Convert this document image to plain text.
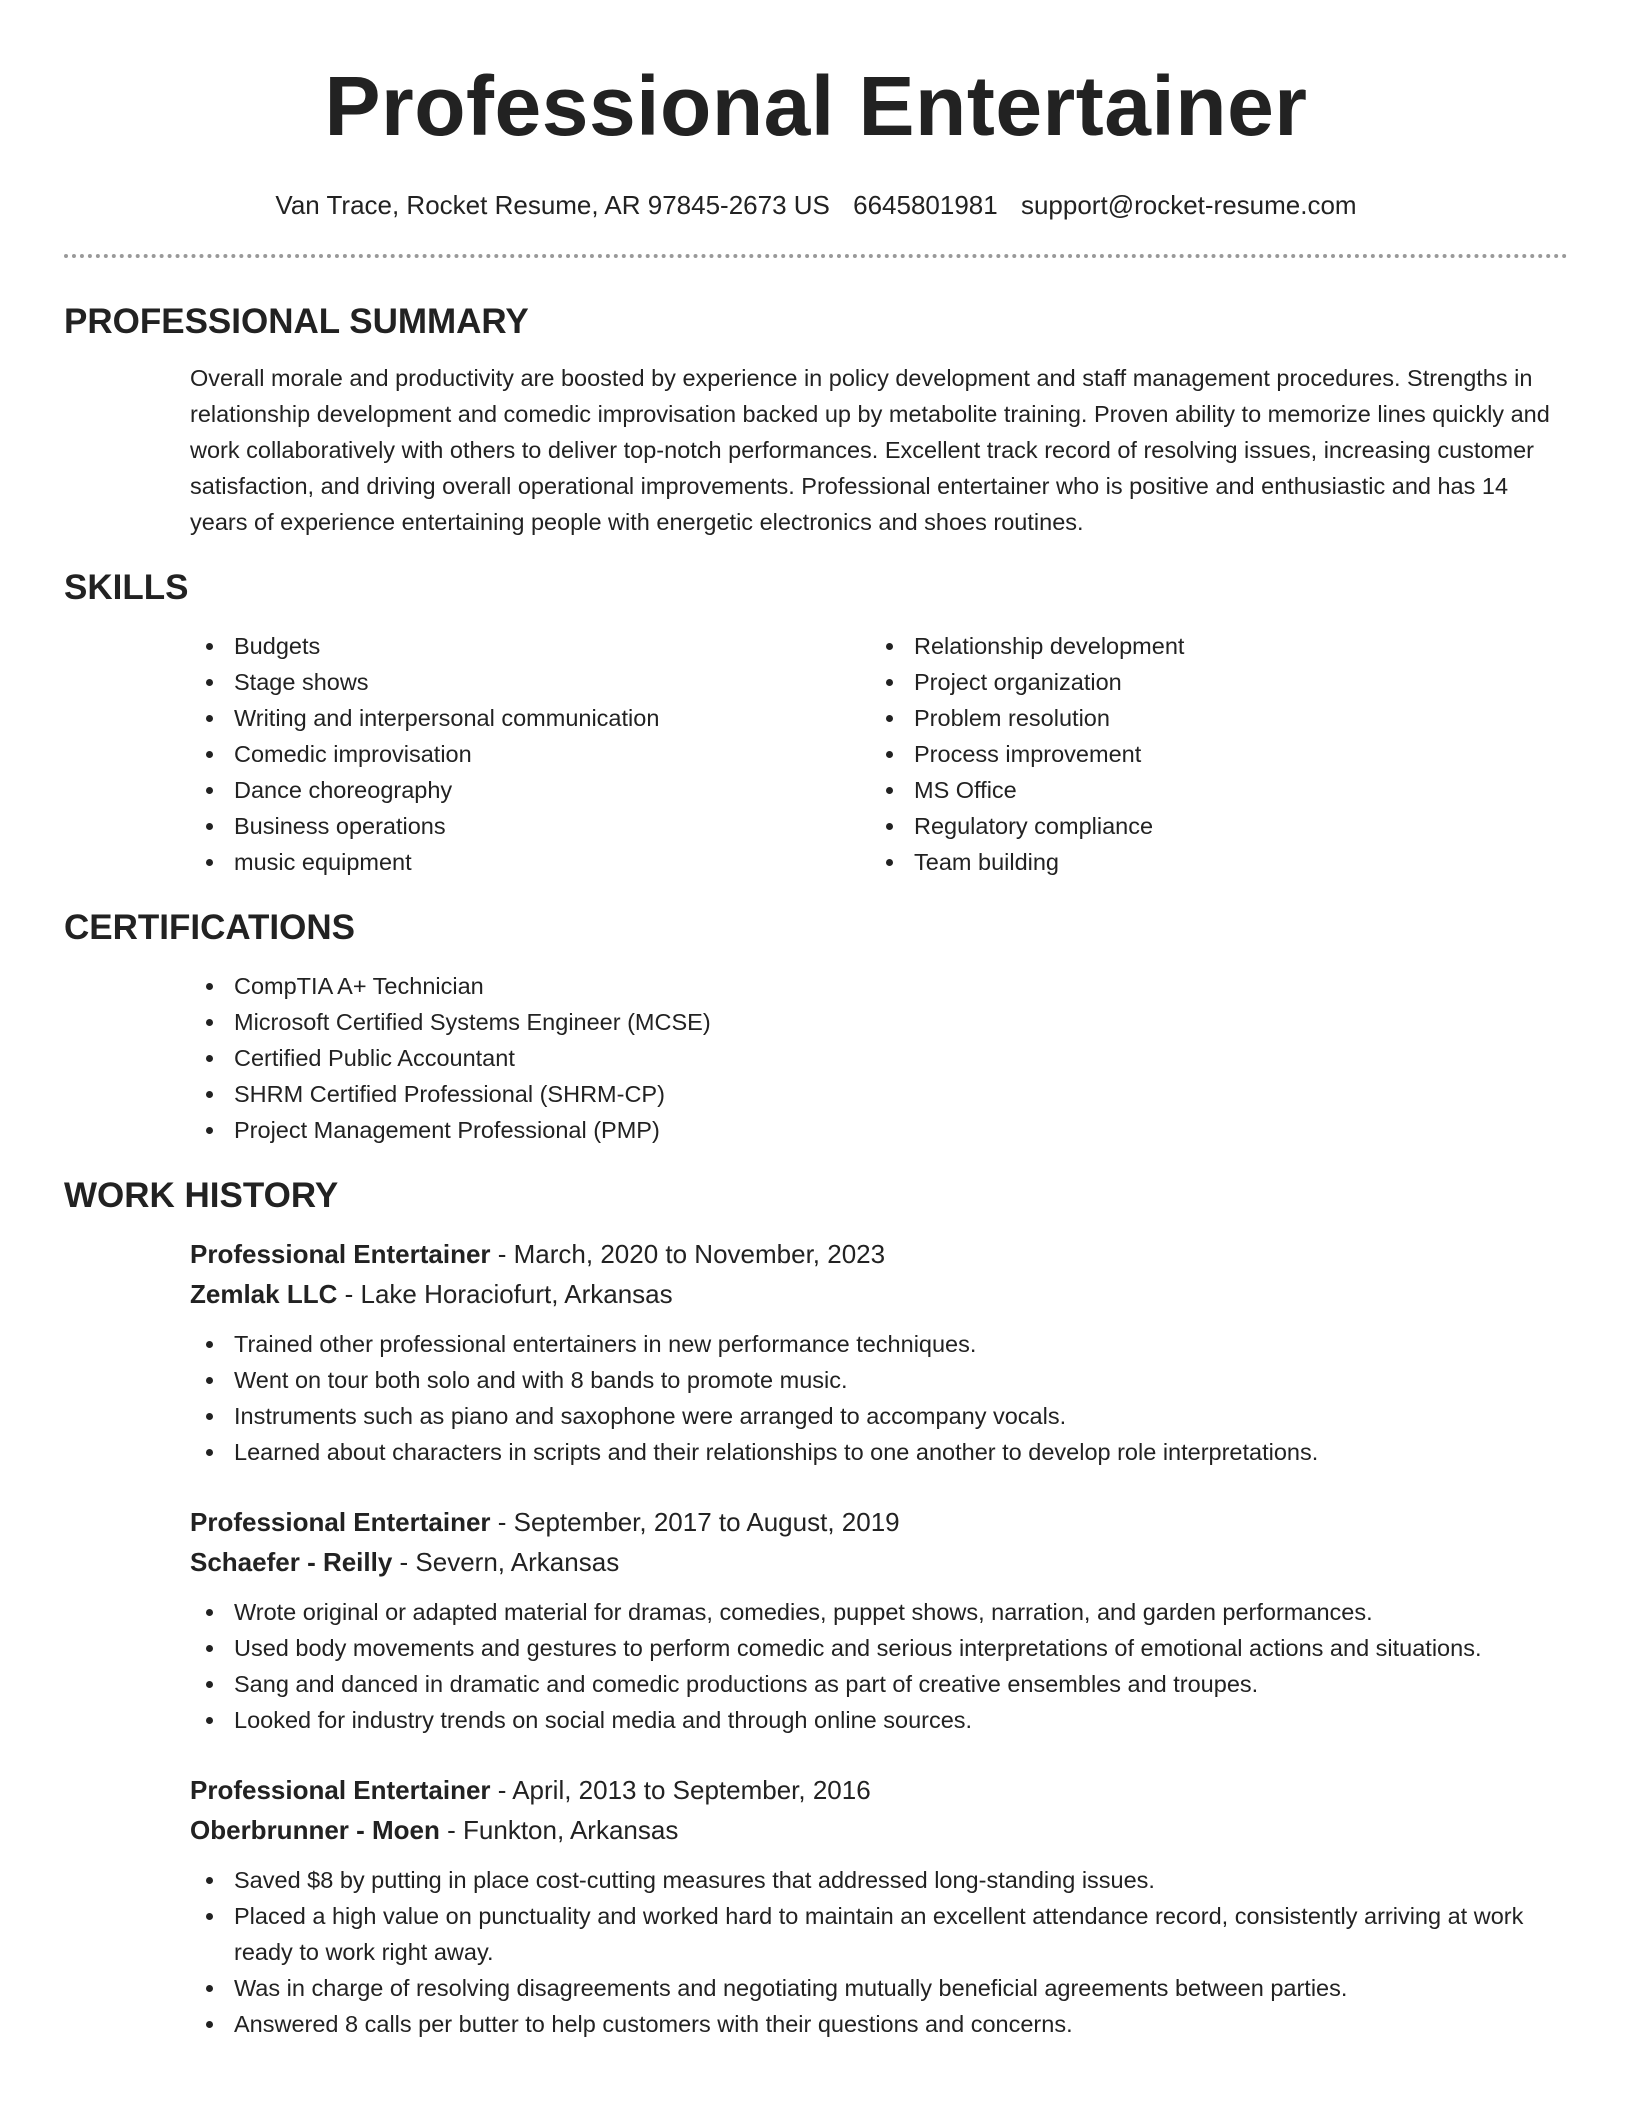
Professional Entertainer
Van Trace, Rocket Resume, AR 97845-2673 US 6645801981 support@rocket-resume.com
PROFESSIONAL SUMMARY

Overall morale and productivity are boosted by experience in policy development and staff management procedures. Strengths in relationship development and comedic improvisation backed up by metabolite training. Proven ability to memorize lines quickly and work collaboratively with others to deliver top-notch performances. Excellent track record of resolving issues, increasing customer satisfaction, and driving overall operational improvements. Professional entertainer who is positive and enthusiastic and has 14 years of experience entertaining people with energetic electronics and shoes routines.

SKILLS
Budgets
Stage shows
Writing and interpersonal communication
Comedic improvisation
Dance choreography
Business operations
music equipment
Relationship development
Project organization
Problem resolution
Process improvement
MS Office
Regulatory compliance
Team building
CERTIFICATIONS
CompTIA A+ Technician
Microsoft Certified Systems Engineer (MCSE)
Certified Public Accountant
SHRM Certified Professional (SHRM-CP)
Project Management Professional (PMP)
WORK HISTORY
Professional Entertainer - March, 2020 to November, 2023
Zemlak LLC - Lake Horaciofurt, Arkansas
Trained other professional entertainers in new performance techniques.
Went on tour both solo and with 8 bands to promote music.
Instruments such as piano and saxophone were arranged to accompany vocals.
Learned about characters in scripts and their relationships to one another to develop role interpretations.
Professional Entertainer - September, 2017 to August, 2019
Schaefer - Reilly - Severn, Arkansas
Wrote original or adapted material for dramas, comedies, puppet shows, narration, and garden performances.
Used body movements and gestures to perform comedic and serious interpretations of emotional actions and situations.
Sang and danced in dramatic and comedic productions as part of creative ensembles and troupes.
Looked for industry trends on social media and through online sources.
Professional Entertainer - April, 2013 to September, 2016
Oberbrunner - Moen - Funkton, Arkansas
Saved $8 by putting in place cost-cutting measures that addressed long-standing issues.
Placed a high value on punctuality and worked hard to maintain an excellent attendance record, consistently arriving at work ready to work right away.
Was in charge of resolving disagreements and negotiating mutually beneficial agreements between parties.
Answered 8 calls per butter to help customers with their questions and concerns.
